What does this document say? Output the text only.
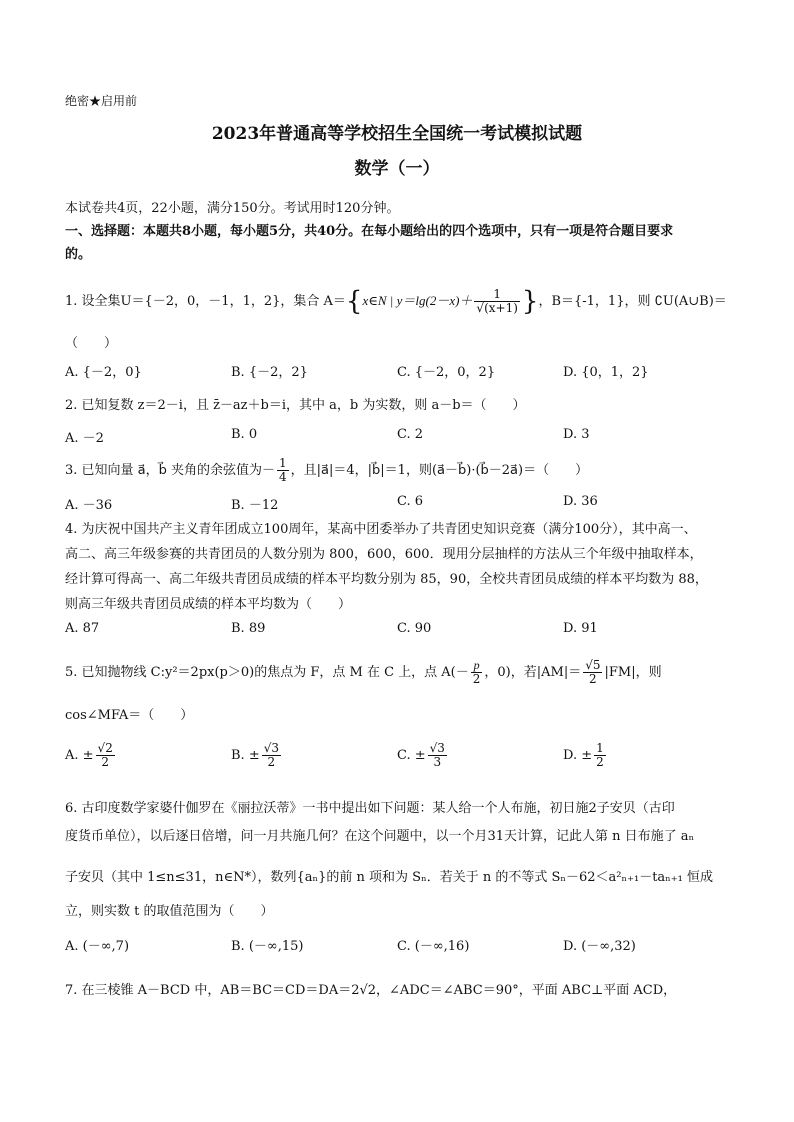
绝密★启用前
2023年普通高等学校招生全国统一考试模拟试题
数学（一）
本试卷共4页，22小题，满分150分。考试用时120分钟。
一、选择题：本题共8小题，每小题5分，共40分。在每小题给出的四个选项中，只有一项是符合题目要求
的。
1. 设全集U＝{－2，0，－1，1，2}，集合 A＝{x∈N | $y=\lg(2-x)+ \frac{1}{√(x+1)}$ }，B＝{-1，1}，则 ∁U(A∪B)＝
（　　）
A. {－2，0}	B. {－2，2}	C. {－2，0，2}	D. {0，1，2}
2. 已知复数 z＝2－i，且 z̄－az＋b＝i，其中 a，b 为实数，则 a－b＝（　　）
A. －2	B. 0	C. 2	D. 3
3. 已知向量 a⃗，b⃗ 夹角的余弦值为－ $\frac{1}{4}$ ，且|a⃗|＝4，|b⃗|＝1，则(a⃗－b⃗)·(b⃗－2a⃗)＝（　　）
A. －36	B. －12	C. 6	D. 36
4. 为庆祝中国共产主义青年团成立100周年，某高中团委举办了共青团史知识竞赛（满分100分），其中高一、
高二、高三年级参赛的共青团员的人数分别为 800，600，600．现用分层抽样的方法从三个年级中抽取样本，
经计算可得高一、高二年级共青团员成绩的样本平均数分别为 85，90，全校共青团员成绩的样本平均数为 88，
则高三年级共青团员成绩的样本平均数为（　　）
A. 87	B. 89	C. 90	D. 91
5. 已知抛物线 C:y²＝2px(p＞0)的焦点为 F，点 M 在 C 上，点 $A(- \frac{p}{2}$ ，0)，若$|AM|= \frac{√5}{2} |FM|$，则
cos∠MFA＝（　　）
A. ± $\frac{√2}{2}$	B. ± $\frac{√3}{2}$	C. ± $\frac{√3}{3}$	D. ± $\frac{1}{2}$
6. 古印度数学家婆什伽罗在《丽拉沃蒂》一书中提出如下问题：某人给一个人布施，初日施2子安贝（古印
度货币单位），以后逐日倍增，问一月共施几何？在这个问题中，以一个月31天计算，记此人第 n 日布施了 aₙ
子安贝（其中 1≤n≤31，n∈N*），数列{aₙ}的前 n 项和为 Sₙ．若关于 n 的不等式 Sₙ－62＜a²ₙ₊₁－taₙ₊₁ 恒成
立，则实数 t 的取值范围为（　　）
A. (－∞,7)	B. (－∞,15)	C. (－∞,16)	D. (－∞,32)
7. 在三棱锥 A－BCD 中，AB＝BC＝CD＝DA＝2√2，∠ADC＝∠ABC＝90°，平面 ABC⊥平面 ACD，
